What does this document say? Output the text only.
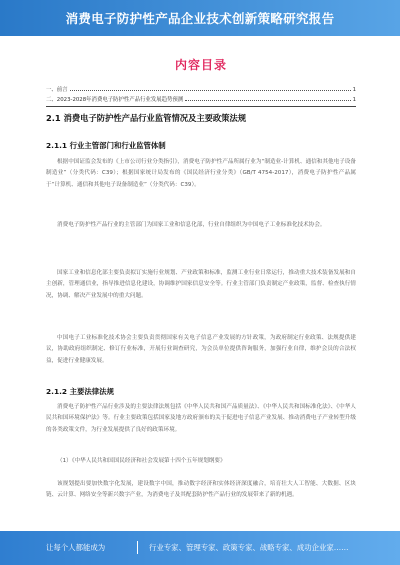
消费电子防护性产品企业技术创新策略研究报告
内容目录
一、前言	1
二、2023-2028年消费电子防护性产品行业发展趋势预测	1
2.1 消费电子防护性产品行业监管情况及主要政策法规
2.1.1 行业主管部门和行业监管体制
根据中国证监会发布的《上市公司行业分类指引》，消费电子防护性产品所属行业为“制造业-计算机、通信和其他电子设备制造业”（分类代码：C39）；根据国家统计局发布的《国民经济行业分类》（GB/T 4754-2017），消费电子防护性产品属于“计算机、通信和其他电子设备制造业”（分类代码：C39）。
消费电子防护性产品行业的主管部门为国家工业和信息化部，行业自律组织为中国电子工业标准化技术协会。
国家工业和信息化部主要负责拟订实施行业规划、产业政策和标准，监测工业行业日常运行，推动重大技术装备发展和自主创新，管理通信业，指导推进信息化建设，协调维护国家信息安全等。行业主管部门负责制定产业政策，监督、检查执行情况，协调、解决产业发展中的重大问题。
中国电子工业标准化技术协会主要负责贯彻国家有关电子信息产业发展的方针政策，为政府制定行业政策、法规提供建议，协助政府组织制定、修订行业标准，开展行业调查研究，为会员单位提供咨询服务，加强行业自律，维护会员的合法权益，促进行业健康发展。
2.1.2 主要法律法规
消费电子防护性产品行业涉及的主要法律法规包括《中华人民共和国产品质量法》、《中华人民共和国标准化法》、《中华人民共和国环境保护法》等。行业主要政策包括国家及地方政府颁布的关于促进电子信息产业发展、推动消费电子产业转型升级的各类政策文件，为行业发展提供了良好的政策环境。
（1）《中华人民共和国国民经济和社会发展第十四个五年规划纲要》
该规划提出要加快数字化发展，建设数字中国，推动数字经济和实体经济深度融合，培育壮大人工智能、大数据、区块链、云计算、网络安全等新兴数字产业，为消费电子及其配套防护性产品行业的发展带来了新的机遇。
让每个人都能成为	行业专家、管理专家、政策专家、战略专家、成功企业家……
